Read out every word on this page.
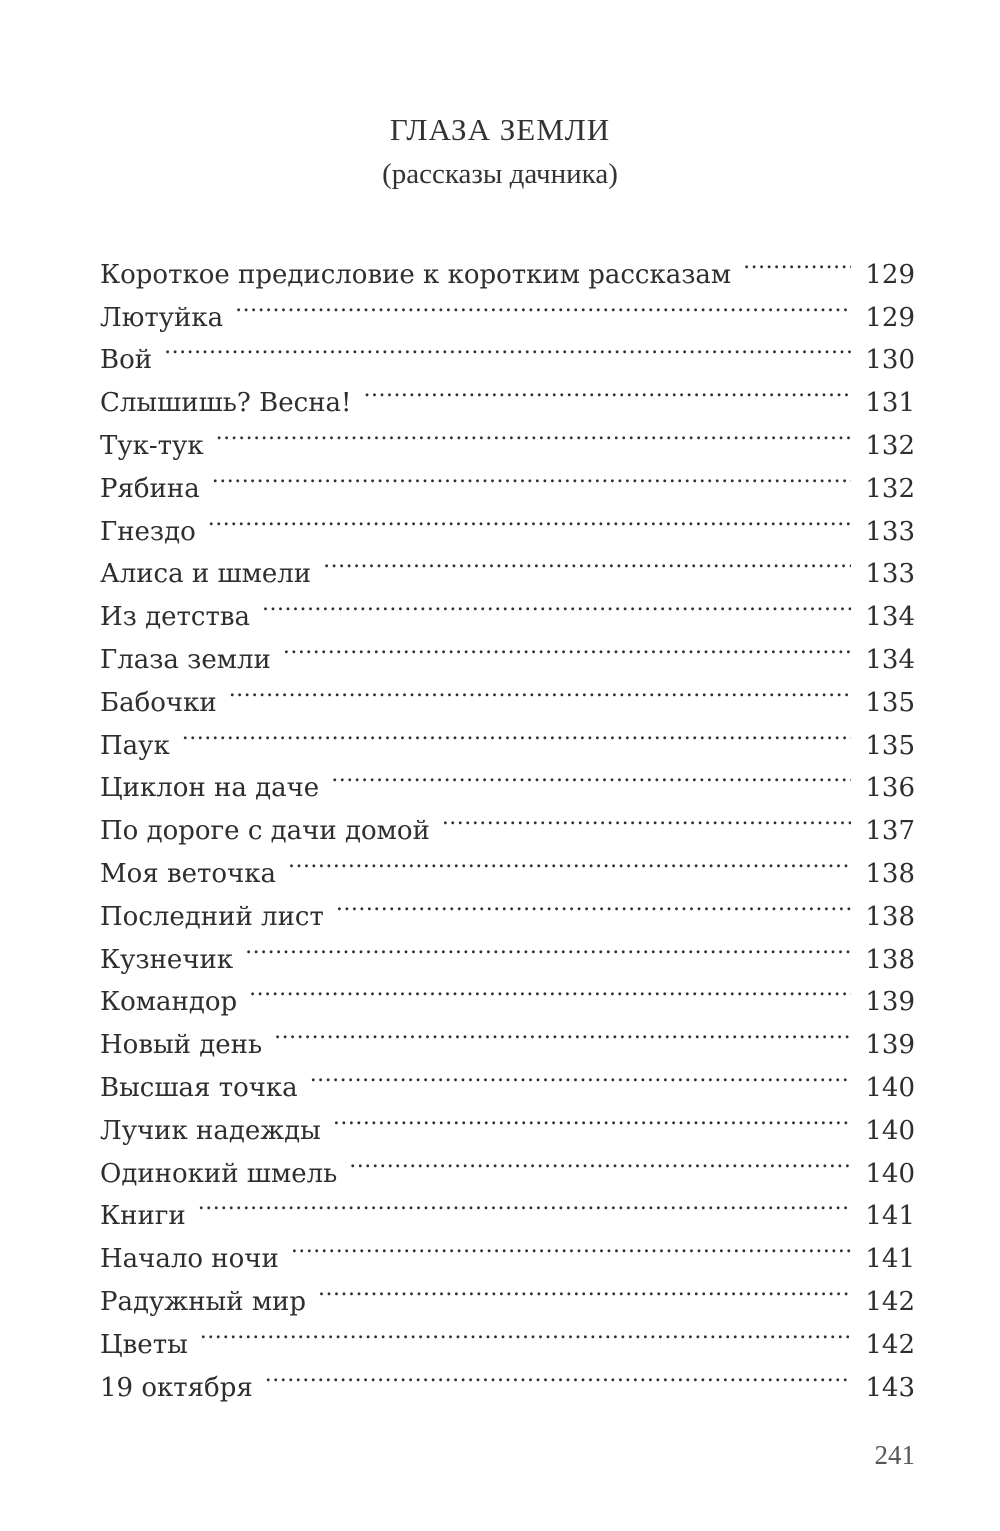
ГЛАЗА ЗЕМЛИ
(рассказы дачника)
Короткое предисловие к коротким рассказам .....	129
Лютуйка .....	129
Вой .....	130
Слышишь? Весна! .....	131
Тук-тук .....	132
Рябина .....	132
Гнездо .....	133
Алиса и шмели .....	133
Из детства .....	134
Глаза земли .....	134
Бабочки .....	135
Паук .....	135
Циклон на даче .....	136
По дороге с дачи домой .....	137
Моя веточка .....	138
Последний лист .....	138
Кузнечик .....	138
Командор .....	139
Новый день .....	139
Высшая точка .....	140
Лучик надежды .....	140
Одинокий шмель .....	140
Книги .....	141
Начало ночи .....	141
Радужный мир .....	142
Цветы .....	142
19 октября .....	143
241
